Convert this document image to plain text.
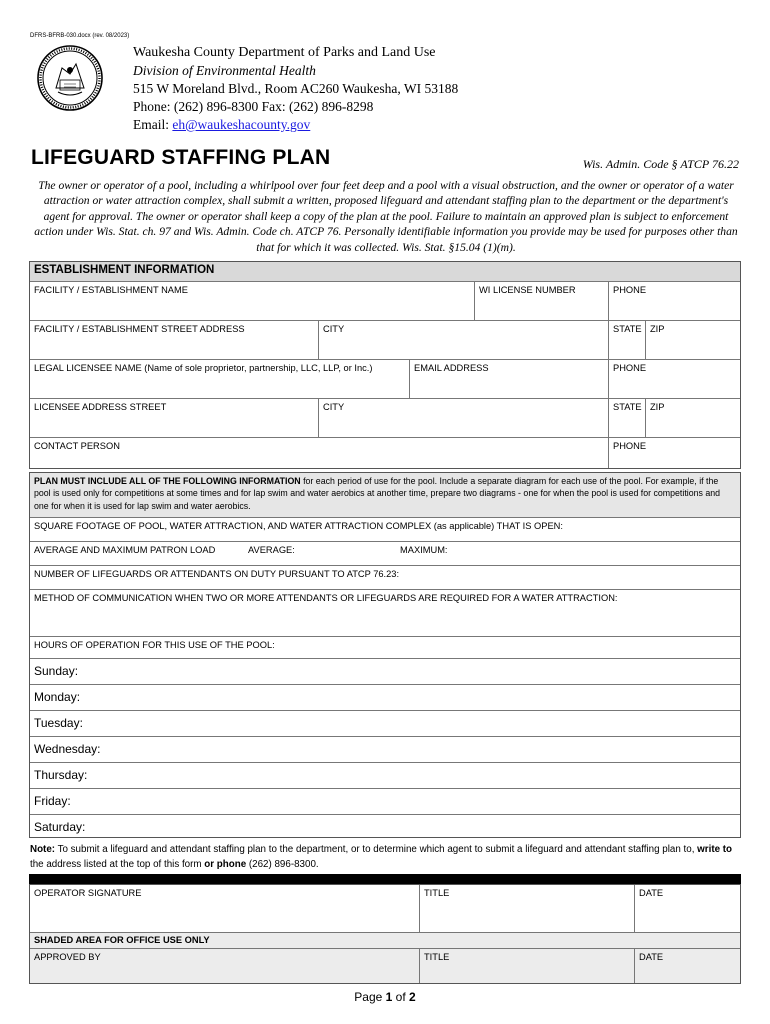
DFRS-BFRB-030.docx (rev. 08/2023)
Waukesha County Department of Parks and Land Use
Division of Environmental Health
515 W Moreland Blvd., Room AC260 Waukesha, WI 53188
Phone: (262) 896-8300 Fax: (262) 896-8298
Email: eh@waukeshacounty.gov
LIFEGUARD STAFFING PLAN	Wis. Admin. Code § ATCP 76.22
The owner or operator of a pool, including a whirlpool over four feet deep and a pool with a visual obstruction, and the owner or operator of a water attraction or water attraction complex, shall submit a written, proposed lifeguard and attendant staffing plan to the department or the department's agent for approval. The owner or operator shall keep a copy of the plan at the pool. Failure to maintain an approved plan is subject to enforcement action under Wis. Stat. ch. 97 and Wis. Admin. Code ch. ATCP 76. Personally identifiable information you provide may be used for purposes other than that for which it was collected. Wis. Stat. §15.04 (1)(m).
ESTABLISHMENT INFORMATION
FACILITY / ESTABLISHMENT NAME	WI LICENSE NUMBER	PHONE
FACILITY / ESTABLISHMENT STREET ADDRESS	CITY	STATE ZIP
LEGAL LICENSEE NAME (Name of sole proprietor, partnership, LLC, LLP, or Inc.)	EMAIL ADDRESS	PHONE
LICENSEE ADDRESS STREET	CITY	STATE ZIP
CONTACT PERSON	PHONE
PLAN MUST INCLUDE ALL OF THE FOLLOWING INFORMATION for each period of use for the pool. Include a separate diagram for each use of the pool. For example, if the pool is used only for competitions at some times and for lap swim and water aerobics at another time, prepare two diagrams - one for when the pool is used for competitions and one for when it is used for lap swim and water aerobics.
SQUARE FOOTAGE OF POOL, WATER ATTRACTION, AND WATER ATTRACTION COMPLEX (as applicable) THAT IS OPEN:
AVERAGE AND MAXIMUM PATRON LOAD	AVERAGE:	MAXIMUM:
NUMBER OF LIFEGUARDS OR ATTENDANTS ON DUTY PURSUANT TO ATCP 76.23:
METHOD OF COMMUNICATION WHEN TWO OR MORE ATTENDANTS OR LIFEGUARDS ARE REQUIRED FOR A WATER ATTRACTION:
HOURS OF OPERATION FOR THIS USE OF THE POOL:
Sunday:
Monday:
Tuesday:
Wednesday:
Thursday:
Friday:
Saturday:
Note: To submit a lifeguard and attendant staffing plan to the department, or to determine which agent to submit a lifeguard and attendant staffing plan to, write to the address listed at the top of this form or phone (262) 896-8300.
OPERATOR SIGNATURE	TITLE	DATE
SHADED AREA FOR OFFICE USE ONLY
APPROVED BY	TITLE	DATE
Page 1 of 2
